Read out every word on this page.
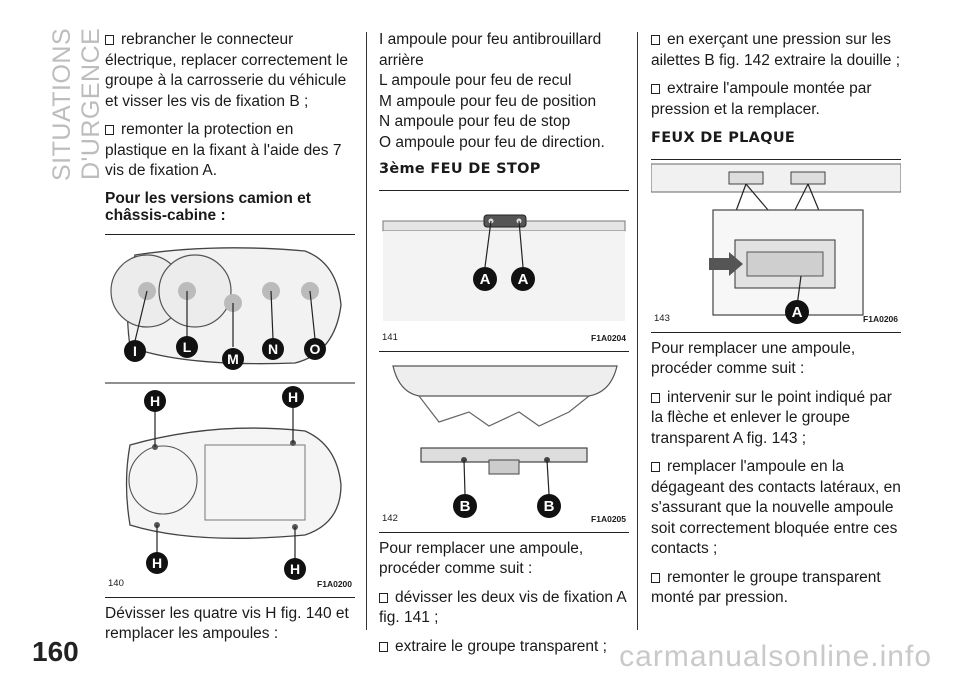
SITUATIONS D'URGENCE
160	carmanualsonline.info

rebrancher le connecteur électrique, replacer correctement le groupe à la carrosserie du véhicule et visser les vis de fixation B ;

remonter la protection en plastique en la fixant à l'aide des 7 vis de fixation A.

Pour les versions camion et châssis-cabine :
I	L
M
N O
H	H
H	H
140	F1A0200

Dévisser les quatre vis H fig. 140 et remplacer les ampoules :

I ampoule pour feu antibrouillard arrière
L ampoule pour feu de recul
M ampoule pour feu de position
N ampoule pour feu de stop
O ampoule pour feu de direction.
3ème FEU DE STOP
A A
141	F1A0204
B	B
142	F1A0205

Pour remplacer une ampoule, procéder comme suit :

dévisser les deux vis de fixation A fig. 141 ;

extraire le groupe transparent ;

en exerçant une pression sur les ailettes B fig. 142 extraire la douille ;

extraire l'ampoule montée par pression et la remplacer.

FEUX DE PLAQUE
A
143	F1A0206

Pour remplacer une ampoule, procéder comme suit :

intervenir sur le point indiqué par la flèche et enlever le groupe transparent A fig. 143 ;

remplacer l'ampoule en la dégageant des contacts latéraux, en s'assurant que la nouvelle ampoule soit correctement bloquée entre ces contacts ;

remonter le groupe transparent monté par pression.
